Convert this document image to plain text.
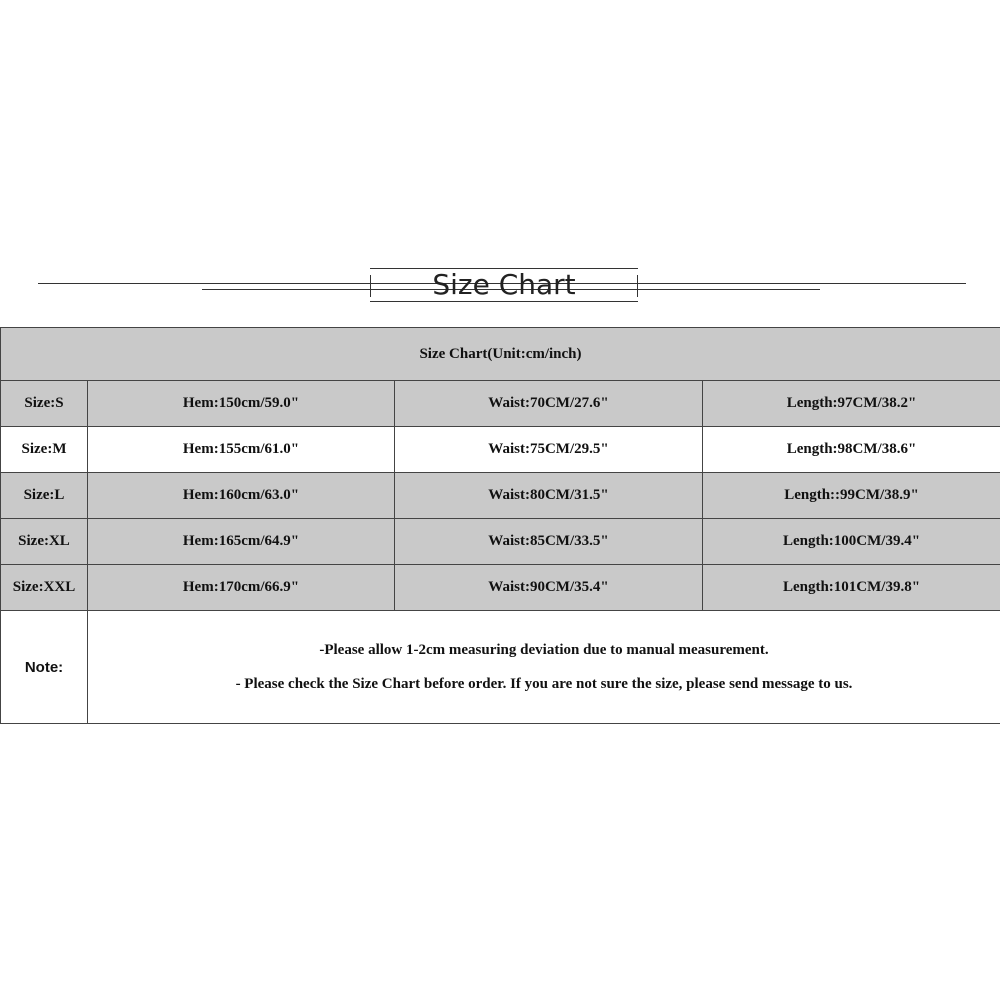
Size Chart
Size Chart(Unit:cm/inch)			
Size:S	Hem:150cm/59.0"	Waist:70CM/27.6"	Length:97CM/38.2"
Size:M	Hem:155cm/61.0"	Waist:75CM/29.5"	Length:98CM/38.6"
Size:L	Hem:160cm/63.0"	Waist:80CM/31.5"	Length::99CM/38.9"
Size:XL	Hem:165cm/64.9"	Waist:85CM/33.5"	Length:100CM/39.4"
Size:XXL	Hem:170cm/66.9"	Waist:90CM/35.4"	Length:101CM/39.8"
Note:	-Please allow 1-2cm measuring deviation due to manual measurement.
- Please check the Size Chart before order. If you are not sure the size, please send message to us.		
